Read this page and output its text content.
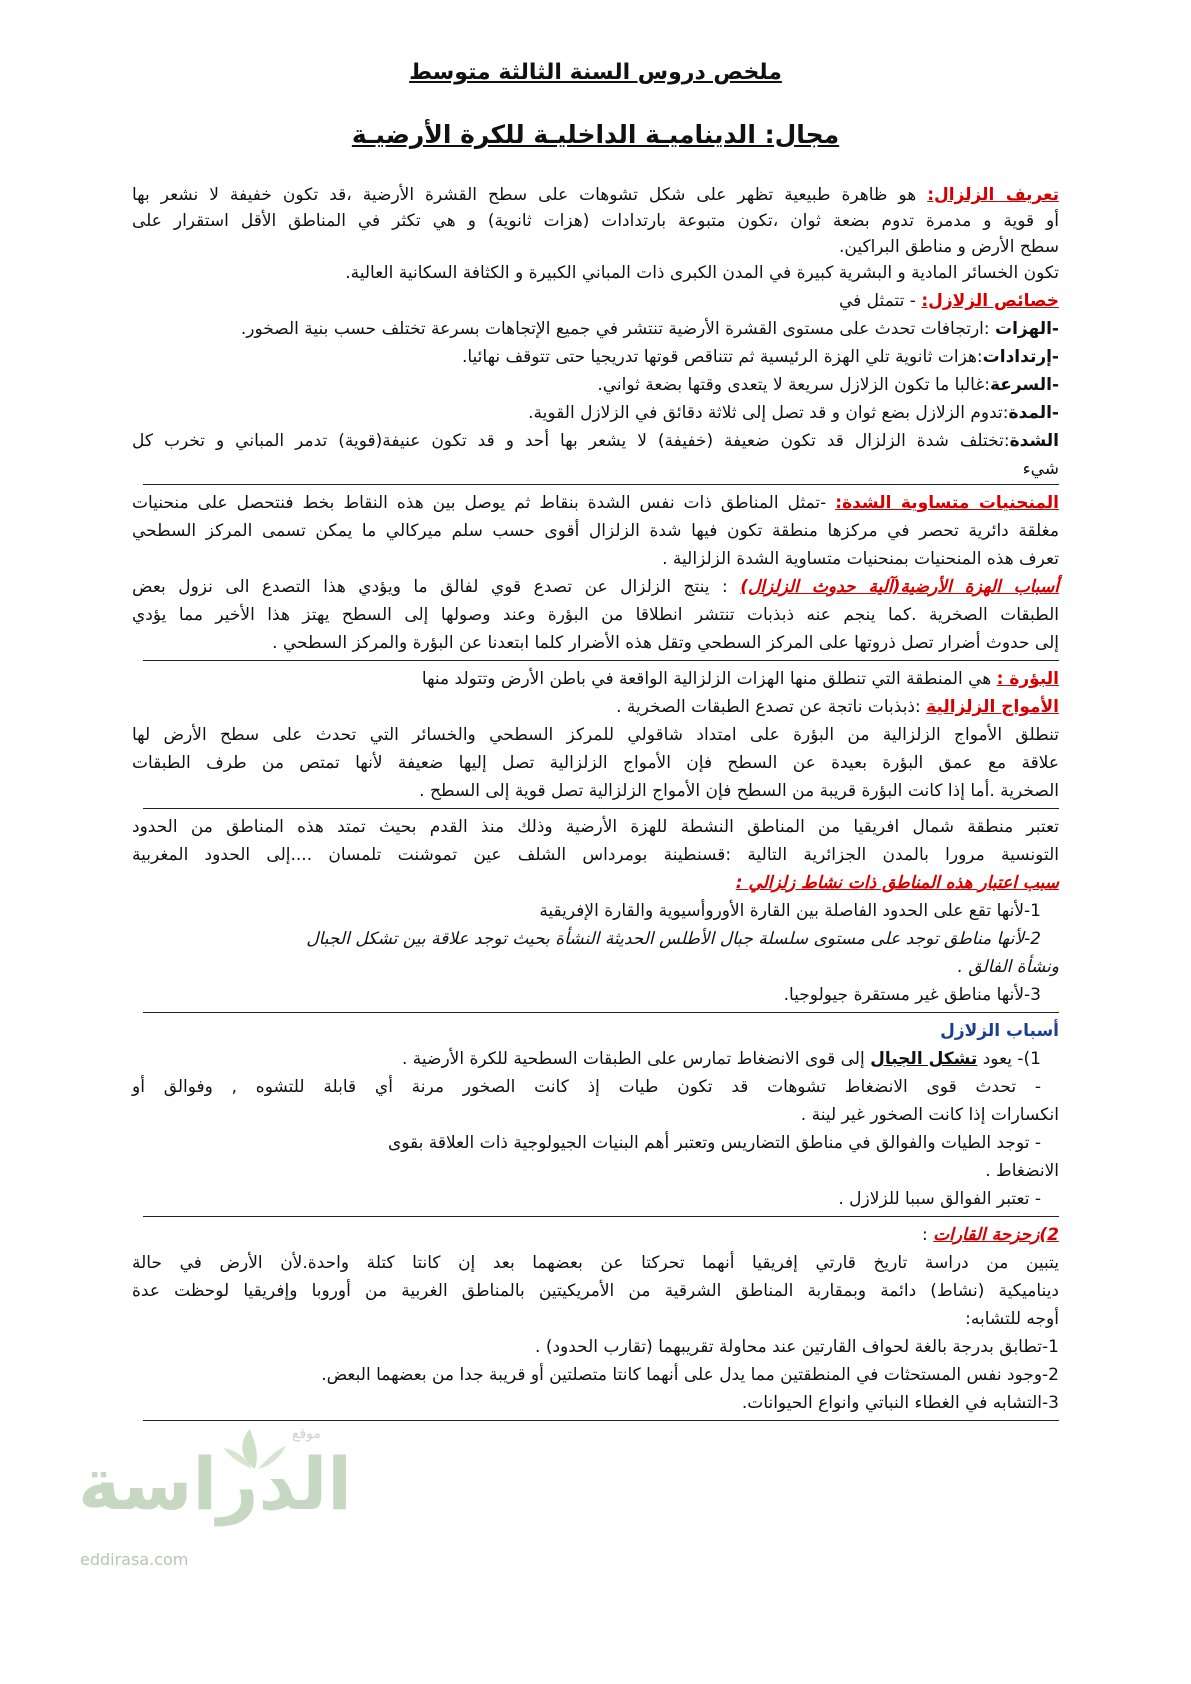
ملخص دروس السنة الثالثة متوسط
مجال: الديناميـة الداخليـة للكرة الأرضيـة
تعريف الزلزال: هو ظاهرة طبيعية تظهر على شكل تشوهات على سطح القشرة الأرضية ،قد تكون خفيفة لا نشعر بها
أو قوية و مدمرة تدوم بضعة ثوان ،تكون متبوعة بارتدادات (هزات ثانوية) و هي تكثر في المناطق الأقل استقرار على
سطح الأرض و مناطق البراكين.
تكون الخسائر المادية و البشرية كبيرة في المدن الكبرى ذات المباني الكبيرة و الكثافة السكانية العالية.
خصائص الزلازل: - تتمثل في
-الهزات :ارتجافات تحدث على مستوى القشرة الأرضية تنتشر في جميع الإتجاهات بسرعة تختلف حسب بنية الصخور.
-إرتدادات:هزات ثانوية تلي الهزة الرئيسية ثم تتناقص قوتها تدريجيا حتى تتوقف نهائيا.
-السرعة:غالبا ما تكون الزلازل سريعة لا يتعدى وقتها بضعة ثواني.
-المدة:تدوم الزلازل بضع ثوان و قد تصل إلى ثلاثة دقائق في الزلازل القوية.
الشدة:تختلف شدة الزلزال قد تكون ضعيفة (خفيفة) لا يشعر بها أحد و قد تكون عنيفة(قوية) تدمر المباني و تخرب كل
شيء
المنحنيات متساوية الشدة: -تمثل المناطق ذات نفس الشدة بنقاط ثم يوصل بين هذه النقاط بخط فنتحصل على منحنيات
مغلقة دائرية تحصر في مركزها منطقة تكون فيها شدة الزلزال أقوى حسب سلم ميركالي ما يمكن تسمى المركز السطحي
تعرف هذه المنحنيات بمنحنيات متساوية الشدة الزلزالية .
أسباب الهزة الأرضية(آلية حدوث الزلزال) : ينتج الزلزال عن تصدع قوي لفالق ما ويؤدي هذا التصدع الى نزول بعض
الطبقات الصخرية .كما ينجم عنه ذبذبات تنتشر انطلاقا من البؤرة وعند وصولها إلى السطح يهتز هذا الأخير مما يؤدي
إلى حدوث أضرار تصل ذروتها على المركز السطحي وتقل هذه الأضرار كلما ابتعدنا عن البؤرة والمركز السطحي .
البؤرة : هي المنطقة التي تنطلق منها الهزات الزلزالية الواقعة في باطن الأرض وتتولد منها
الأمواج الزلزالية :ذبذبات ناتجة عن تصدع الطبقات الصخرية .
تنطلق الأمواج الزلزالية من البؤرة على امتداد شاقولي للمركز السطحي والخسائر التي تحدث على سطح الأرض لها
علاقة مع عمق البؤرة بعيدة عن السطح فإن الأمواج الزلزالية تصل إليها ضعيفة لأنها تمتص من طرف الطبقات
الصخرية .أما إذا كانت البؤرة قريبة من السطح فإن الأمواج الزلزالية تصل قوية إلى السطح .
تعتبر منطقة شمال افريقيا من المناطق النشطة للهزة الأرضية وذلك منذ القدم بحيث تمتد هذه المناطق من الحدود
التونسية مرورا بالمدن الجزائرية التالية :قسنطينة بومرداس الشلف عين تموشنت تلمسان ....إلى الحدود المغربية
سبب اعتبار هذه المناطق ذات نشاط زلزالي :
1-لأنها تقع على الحدود الفاصلة بين القارة الأوروأسيوية والقارة الإفريقية
2-لأنها مناطق توجد على مستوى سلسلة جبال الأطلس الحديثة النشأة بحيث توجد علاقة بين تشكل الجبال
ونشأة الفالق .
3-لأنها مناطق غير مستقرة جيولوجيا.
أسباب الزلازل
1)- يعود تشكل الجبال إلى قوى الانضغاط تمارس على الطبقات السطحية للكرة الأرضية .
- تحدث قوى الانضغاط تشوهات قد تكون طيات إذ كانت الصخور مرنة أي قابلة للتشوه , وفوالق أو
انكسارات إذا كانت الصخور غير لينة .
- توجد الطيات والفوالق في مناطق التضاريس وتعتبر أهم البنيات الجيولوجية ذات العلاقة بقوى
الانضغاط .
- تعتبر الفوالق سببا للزلازل .
2)زحزحة القارات :
يتبين من دراسة تاريخ قارتي إفريقيا أنهما تحركتا عن بعضهما بعد إن كانتا كتلة واحدة.لأن الأرض في حالة
ديناميكية (نشاط) دائمة وبمقاربة المناطق الشرقية من الأمريكيتين بالمناطق الغربية من أوروبا وإفريقيا لوحظت عدة
أوجه للتشابه:
1-تطابق بدرجة بالغة لحواف القارتين عند محاولة تقريبهما (تقارب الحدود) .
2-وجود نفس المستحثات في المنطقتين مما يدل على أنهما كانتا متصلتين أو قريبة جدا من بعضهما البعض.
3-التشابه في الغطاء النباتي وانواع الحيوانات.
موقع
الدراسة
eddirasa.com
